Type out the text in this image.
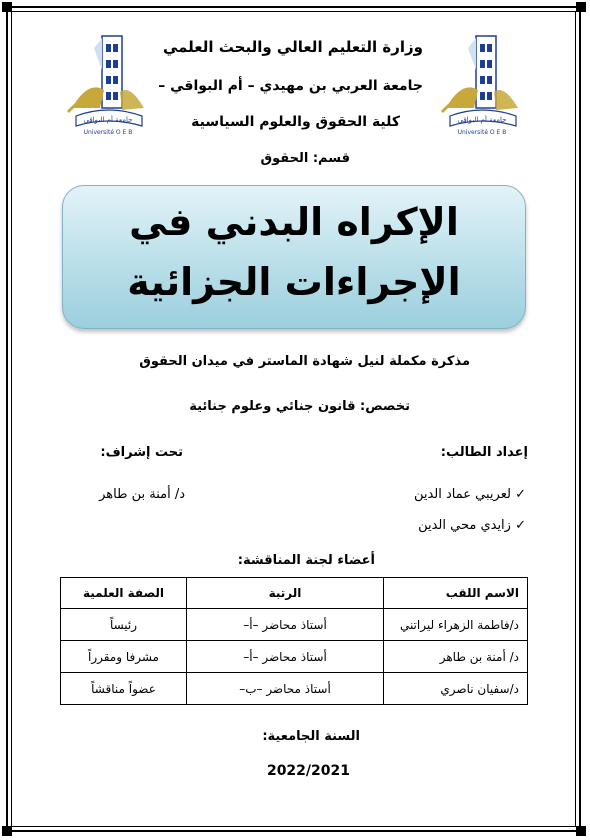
جامعة أم البواقي
Université O E B
جامعة أم البواقي
Université O E B
وزارة التعليم العالي والبحث العلمي
جامعة العربي بن مهيدي – أم البواقي –
كلية الحقوق والعلوم السياسية
قسم: الحقوق
الإكراه البدني في
الإجراءات الجزائية
مذكرة مكملة لنيل شهادة الماستر في ميدان الحقوق
تخصص: قانون جنائي وعلوم جنائية
إعداد الطالب:
تحت إشراف:
✓ لعريبي عماد الدين
✓ زايدي محي الدين
د/ أمنة بن طاهر
أعضاء لجنة المناقشة:
الاسم اللقب	الرتبة	الصفة العلمية
د/فاطمة الزهراء ليراتني	أستاذ محاضر –أ–	رئيساً
د/ أمنة بن طاهر	أستاذ محاضر –أ–	مشرفا ومقرراً
د/سفيان ناصري	أستاذ محاضر –ب–	عضواً مناقشاً
السنة الجامعية:
2022/2021
